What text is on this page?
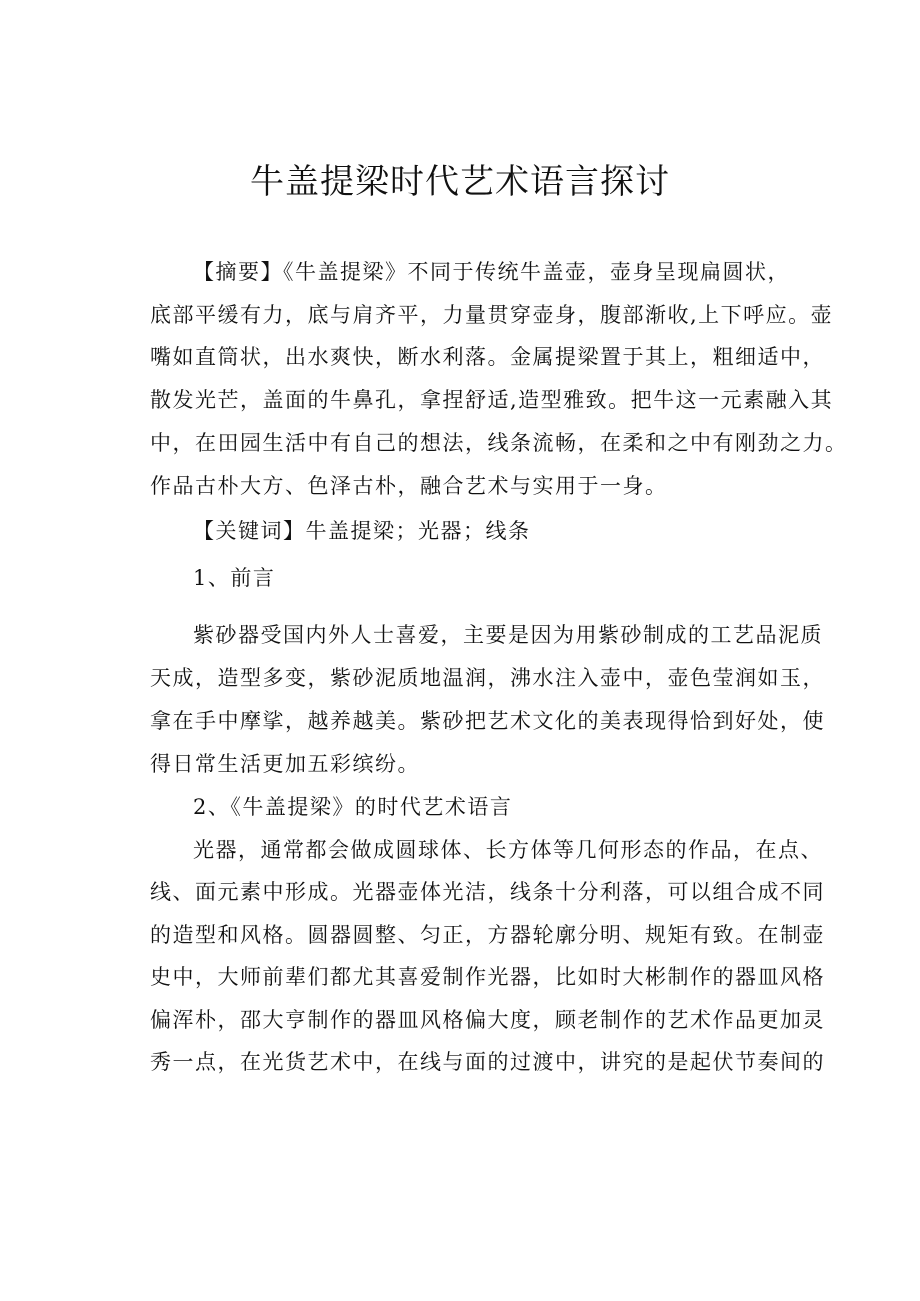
牛盖提梁时代艺术语言探讨
【摘要】《牛盖提梁》不同于传统牛盖壶，壶身呈现扁圆状，
底部平缓有力，底与肩齐平，力量贯穿壶身，腹部渐收,上下呼应。壶
嘴如直筒状，出水爽快，断水利落。金属提梁置于其上，粗细适中，
散发光芒，盖面的牛鼻孔，拿捏舒适,造型雅致。把牛这一元素融入其
中，在田园生活中有自己的想法，线条流畅，在柔和之中有刚劲之力。
作品古朴大方、色泽古朴，融合艺术与实用于一身。
【关键词】牛盖提梁；光器；线条
1、前言
紫砂器受国内外人士喜爱，主要是因为用紫砂制成的工艺品泥质
天成，造型多变，紫砂泥质地温润，沸水注入壶中，壶色莹润如玉，
拿在手中摩挲，越养越美。紫砂把艺术文化的美表现得恰到好处，使
得日常生活更加五彩缤纷。
2、《牛盖提梁》的时代艺术语言
光器，通常都会做成圆球体、长方体等几何形态的作品，在点、
线、面元素中形成。光器壶体光洁，线条十分利落，可以组合成不同
的造型和风格。圆器圆整、匀正，方器轮廓分明、规矩有致。在制壶
史中，大师前辈们都尤其喜爱制作光器，比如时大彬制作的器皿风格
偏浑朴，邵大亨制作的器皿风格偏大度，顾老制作的艺术作品更加灵
秀一点，在光货艺术中，在线与面的过渡中，讲究的是起伏节奏间的
